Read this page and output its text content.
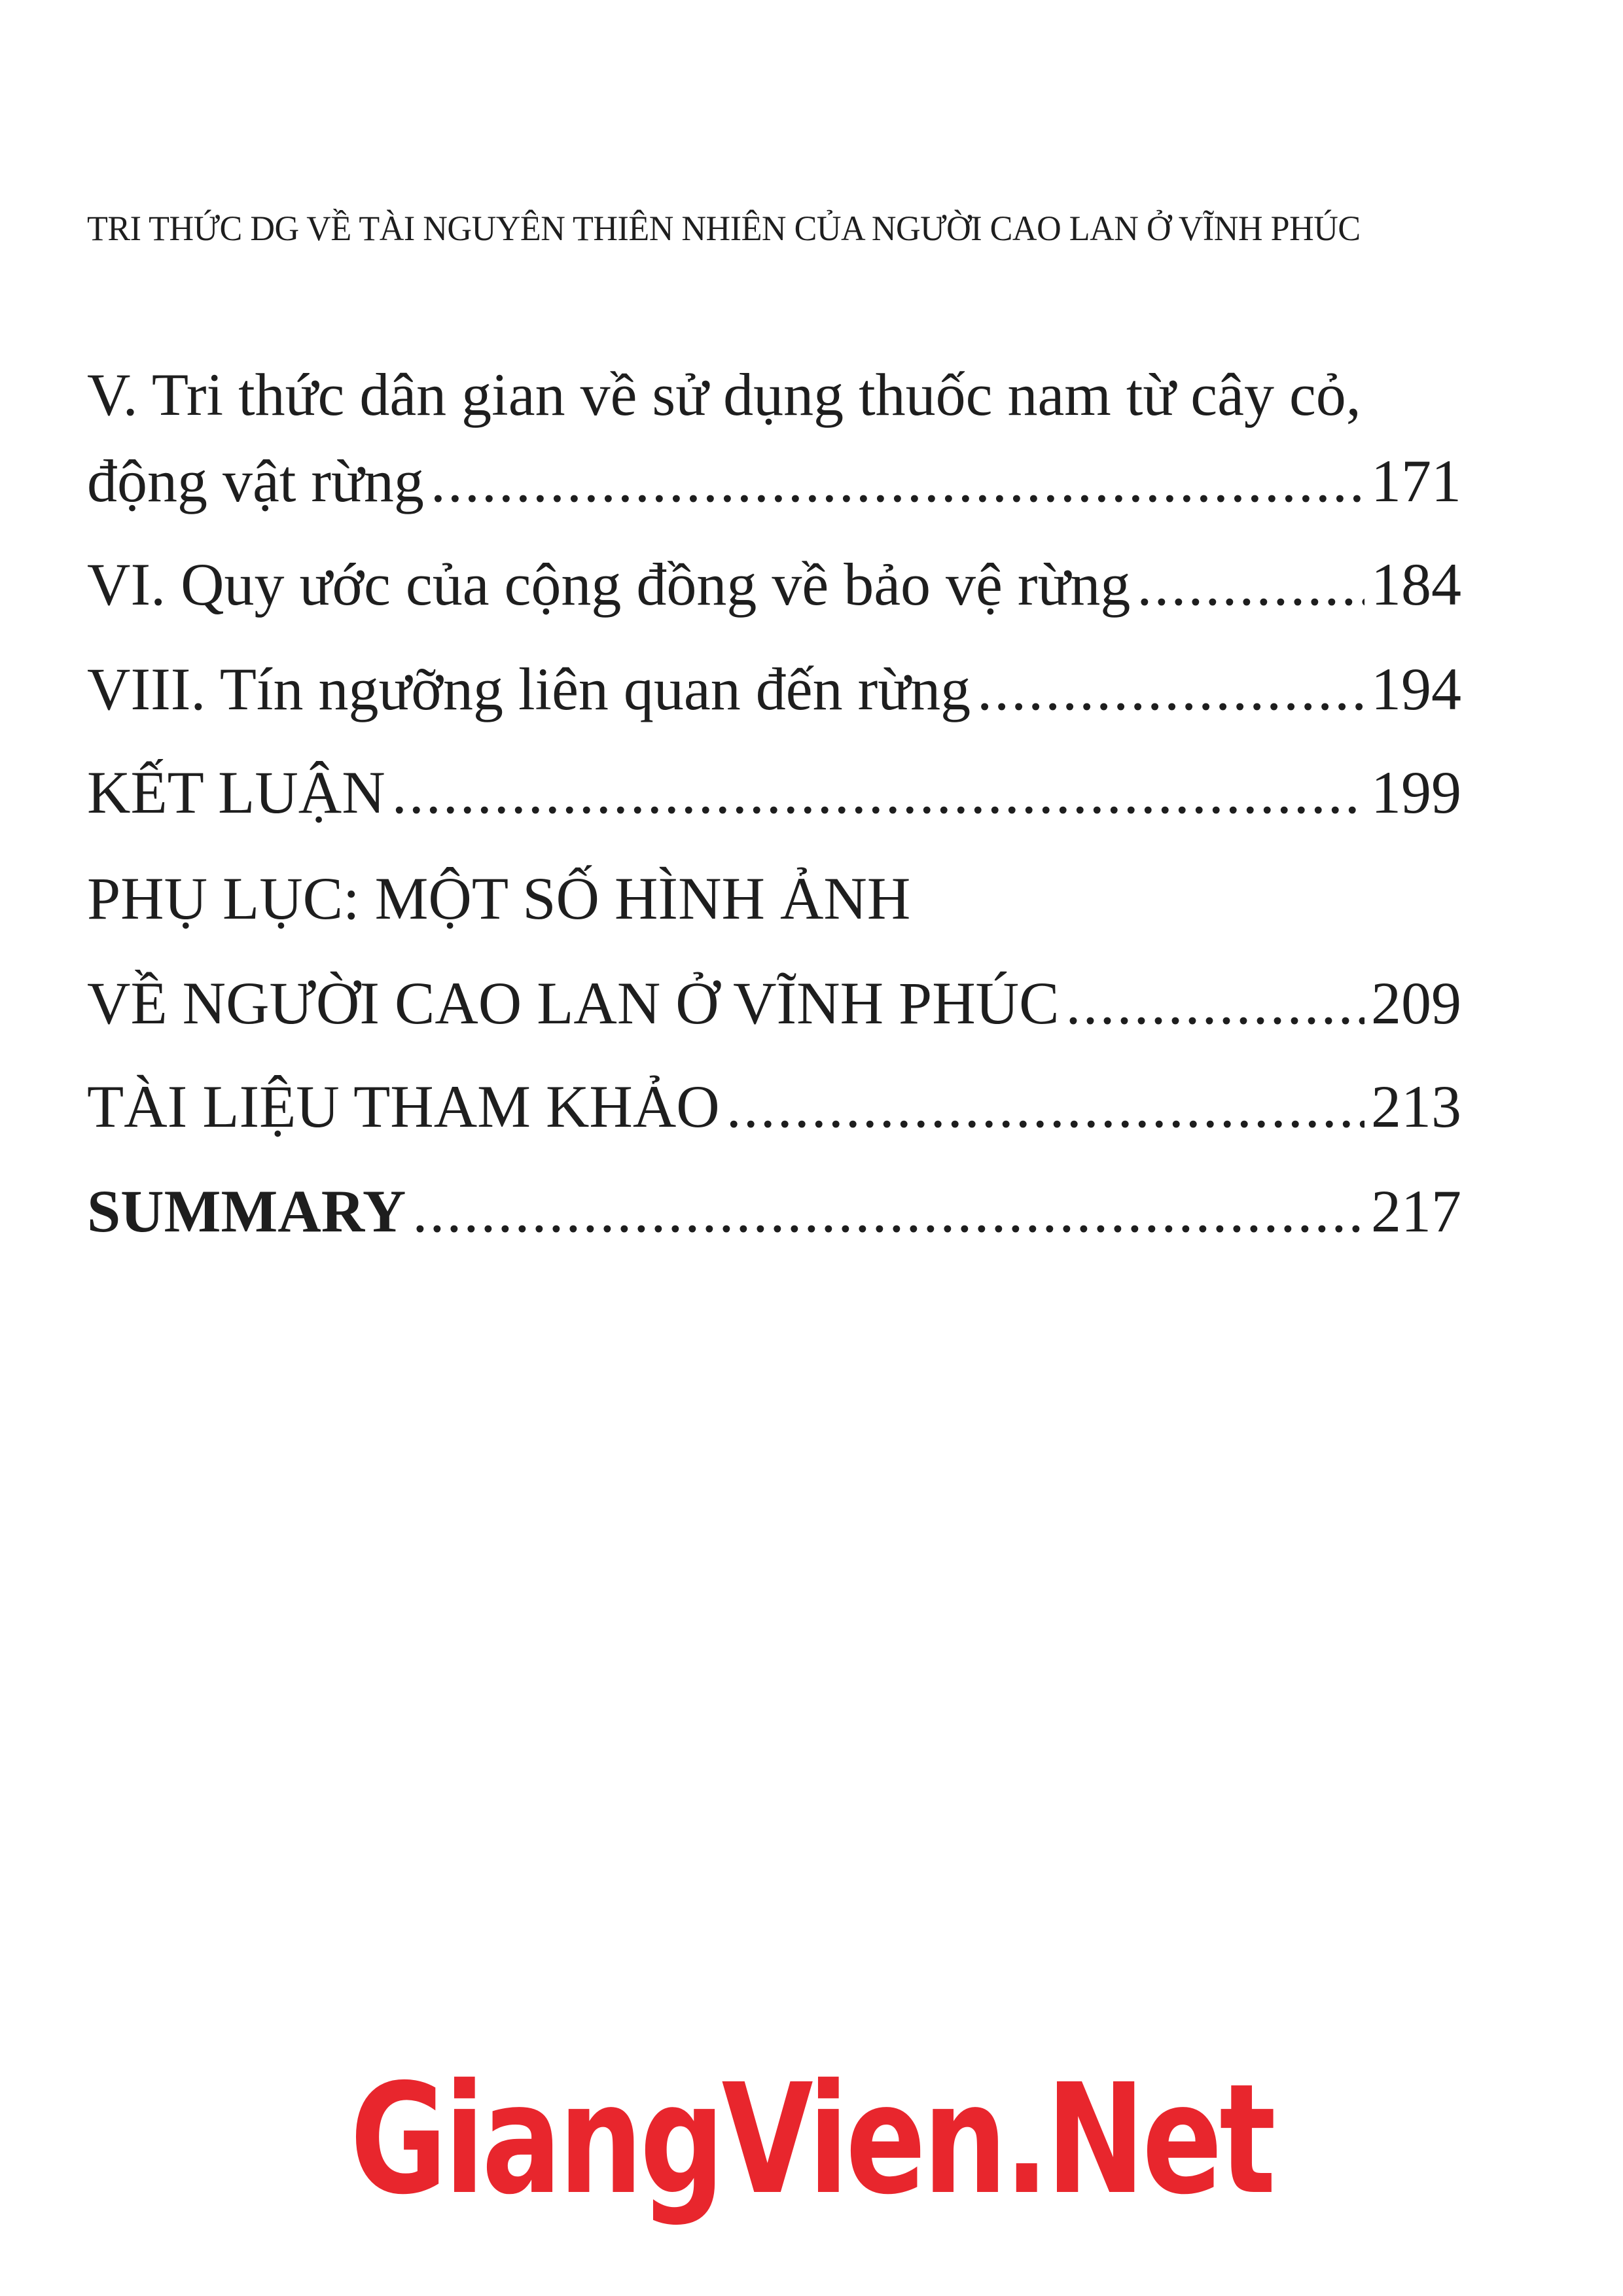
TRI THỨC DG VỀ TÀI NGUYÊN THIÊN NHIÊN CỦA NGƯỜI CAO LAN Ở VĨNH PHÚC
V. Tri thức dân gian về sử dụng thuốc nam từ cây cỏ,
động vật rừng .....	171
VI. Quy ước của cộng đồng về bảo vệ rừng .....	184
VIII. Tín ngưỡng liên quan đến rừng .....	194
KẾT LUẬN .....	199
PHỤ LỤC: MỘT SỐ HÌNH ẢNH
VỀ NGƯỜI CAO LAN Ở VĨNH PHÚC .....	209
TÀI LIỆU THAM KHẢO .....	213
SUMMARY .....	217
GiangVien.Net
